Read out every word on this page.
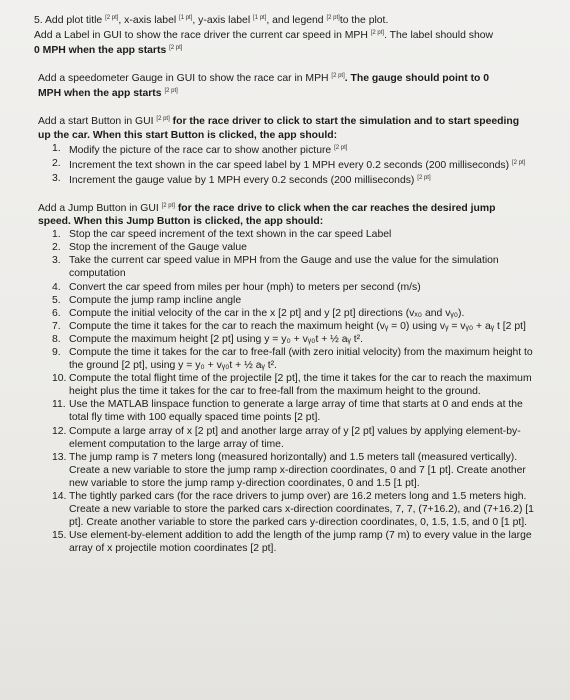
5. Add plot title [2 pt], x-axis label [1 pt], y-axis label [1 pt], and legend [2 pt]to the plot.
Add a Label in GUI to show the race driver the current car speed in MPH [2 pt]. The label should show
0 MPH when the app starts [2 pt]

Add a speedometer Gauge in GUI to show the race car in MPH [2 pt]. The gauge should point to 0
MPH when the app starts [2 pt]

Add a start Button in GUI [2 pt] for the race driver to click to start the simulation and to start speeding
up the car. When this start Button is clicked, the app should:
1. Modify the picture of the race car to show another picture [2 pt]
2. Increment the text shown in the car speed label by 1 MPH every 0.2 seconds (200 milliseconds) [2 pt]
3. Increment the gauge value by 1 MPH every 0.2 seconds (200 milliseconds) [2 pt]
Add a Jump Button in GUI [2 pt] for the race drive to click when the car reaches the desired jump
speed. When this Jump Button is clicked, the app should:
1. Stop the car speed increment of the text shown in the car speed Label
2. Stop the increment of the Gauge value
3. Take the current car speed value in MPH from the Gauge and use the value for the simulation computation
4. Convert the car speed from miles per hour (mph) to meters per second (m/s)
5. Compute the jump ramp incline angle
6. Compute the initial velocity of the car in the x [2 pt] and y [2 pt] directions (vₓ₀ and vᵧ₀).
7. Compute the time it takes for the car to reach the maximum height (vᵧ = 0) using vᵧ = vᵧ₀ + aᵧ t [2 pt]
8. Compute the maximum height [2 pt] using y = y₀ + vᵧ₀t + ½ aᵧ t².
9. Compute the time it takes for the car to free-fall (with zero initial velocity) from the maximum height to the ground [2 pt], using y = y₀ + vᵧ₀t + ½ aᵧ t².
10. Compute the total flight time of the projectile [2 pt], the time it takes for the car to reach the maximum height plus the time it takes for the car to free-fall from the maximum height to the ground.
11. Use the MATLAB linspace function to generate a large array of time that starts at 0 and ends at the total fly time with 100 equally spaced time points [2 pt].
12. Compute a large array of x [2 pt] and another large array of y [2 pt] values by applying element-by-element computation to the large array of time.
13. The jump ramp is 7 meters long (measured horizontally) and 1.5 meters tall (measured vertically). Create a new variable to store the jump ramp x-direction coordinates, 0 and 7 [1 pt]. Create another new variable to store the jump ramp y-direction coordinates, 0 and 1.5 [1 pt].
14. The tightly parked cars (for the race drivers to jump over) are 16.2 meters long and 1.5 meters high. Create a new variable to store the parked cars x-direction coordinates, 7, 7, (7+16.2), and (7+16.2) [1 pt]. Create another variable to store the parked cars y-direction coordinates, 0, 1.5, 1.5, and 0 [1 pt].
15. Use element-by-element addition to add the length of the jump ramp (7 m) to every value in the large array of x projectile motion coordinates [2 pt].
